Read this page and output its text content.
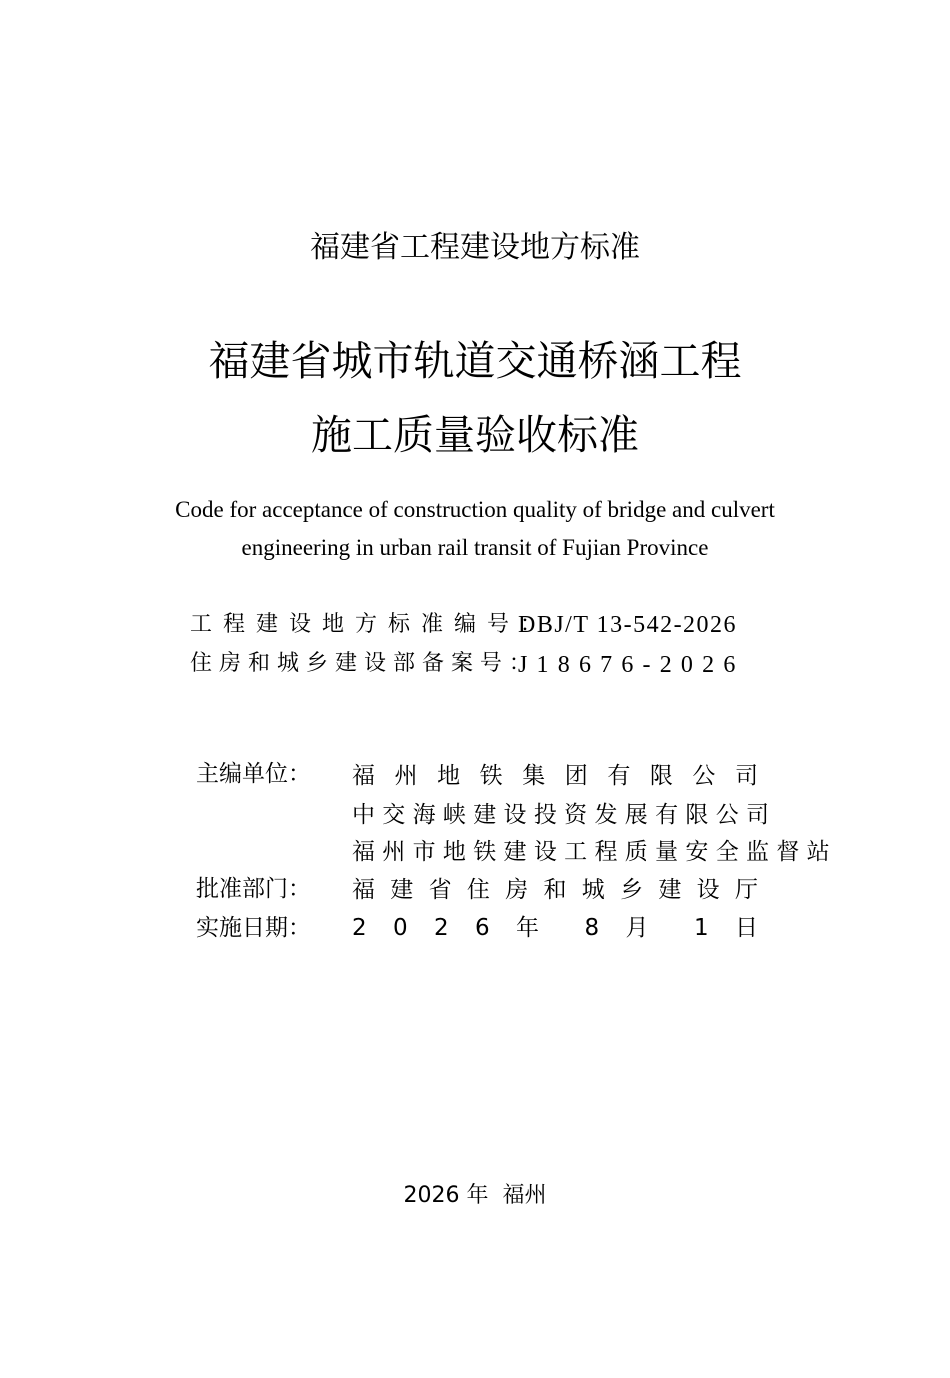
福建省工程建设地方标准
福建省城市轨道交通桥涵工程
施工质量验收标准
Code for acceptance of construction quality of bridge and culvert
engineering in urban rail transit of Fujian Province
工 程 建 设 地 方 标 准 编 号 ：
DBJ/T 13-542-2026
住 房 和 城 乡 建 设 部 备 案 号 ：
J18676-2026
主编单位：	福 州 地 铁 集 团 有 限 公 司
中 交 海 峡 建 设 投 资 发 展 有 限 公 司
福 州 市 地 铁 建 设 工 程 质 量 安 全 监 督 站
批准部门：	福 建 省 住 房 和 城 乡 建 设 厅
实施日期：	2 0 2 6 年 8 月 1 日
2026 年  福州
